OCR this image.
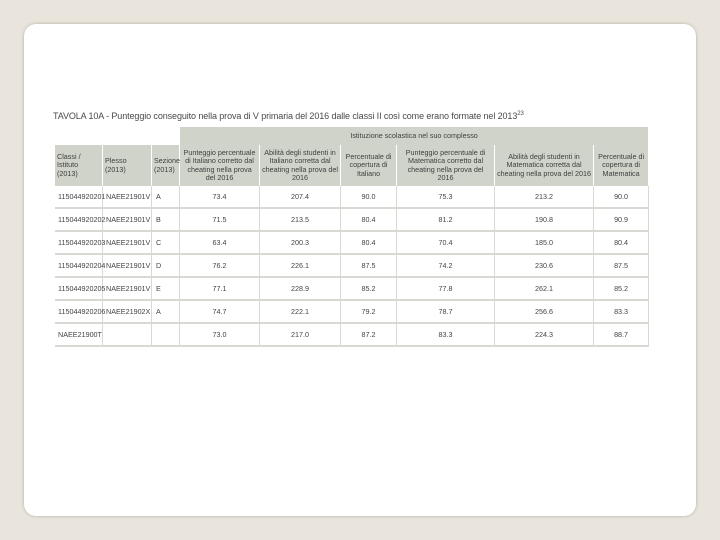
TAVOLA 10A - Punteggio conseguito nella prova di V primaria del 2016 dalle classi II così come erano formate nel 2013$^{23}$
			Istituzione scolastica nel suo complesso					
Classi / Istituto (2013)	Plesso (2013)	Sezione (2013)	Punteggio percentuale di Italiano corretto dal cheating nella prova del 2016	Abilità degli studenti in Italiano corretta dal cheating nella prova del 2016	Percentuale di copertura di Italiano	Punteggio percentuale di Matematica corretto dal cheating nella prova del 2016	Abilità degli studenti in Matematica corretta dal cheating nella prova del 2016	Percentuale di copertura di Matematica
115044920201	NAEE21901V	A	73.4	207.4	90.0	75.3	213.2	90.0
115044920202	NAEE21901V	B	71.5	213.5	80.4	81.2	190.8	90.9
115044920203	NAEE21901V	C	63.4	200.3	80.4	70.4	185.0	80.4
115044920204	NAEE21901V	D	76.2	226.1	87.5	74.2	230.6	87.5
115044920205	NAEE21901V	E	77.1	228.9	85.2	77.8	262.1	85.2
115044920206	NAEE21902X	A	74.7	222.1	79.2	78.7	256.6	83.3
NAEE21900T			73.0	217.0	87.2	83.3	224.3	88.7
